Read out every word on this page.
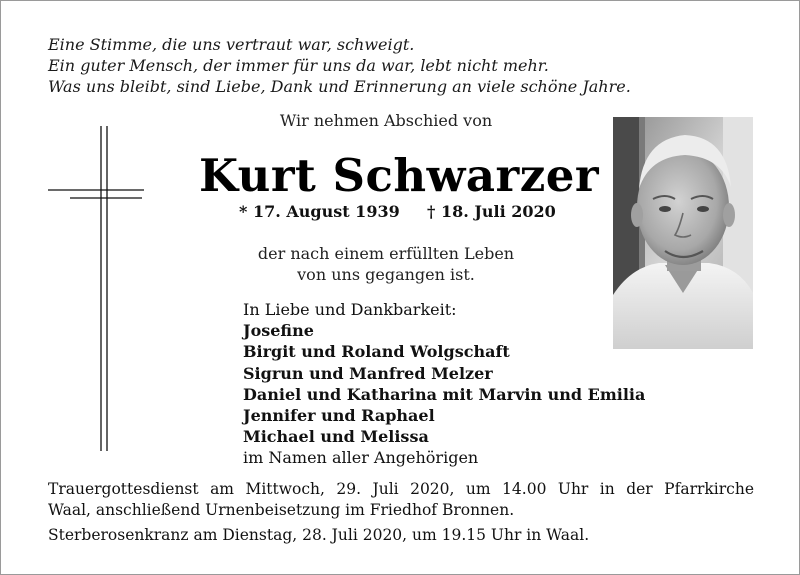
Eine Stimme, die uns vertraut war, schweigt.
Ein guter Mensch, der immer für uns da war, lebt nicht mehr.
Was uns bleibt, sind Liebe, Dank und Erinnerung an viele schöne Jahre.
Wir nehmen Abschied von
Kurt Schwarzer
* 17. August 1939 † 18. Juli 2020
der nach einem erfüllten Leben
von uns gegangen ist.
In Liebe und Dankbarkeit:
Josefine
Birgit und Roland Wolgschaft
Sigrun und Manfred Melzer
Daniel und Katharina mit Marvin und Emilia
Jennifer und Raphael
Michael und Melissa
im Namen aller Angehörigen
Trauergottesdienst am Mittwoch, 29. Juli 2020, um 14.00 Uhr in der Pfarrkirche
Waal, anschließend Urnenbeisetzung im Friedhof Bronnen.
Sterberosenkranz am Dienstag, 28. Juli 2020, um 19.15 Uhr in Waal.
